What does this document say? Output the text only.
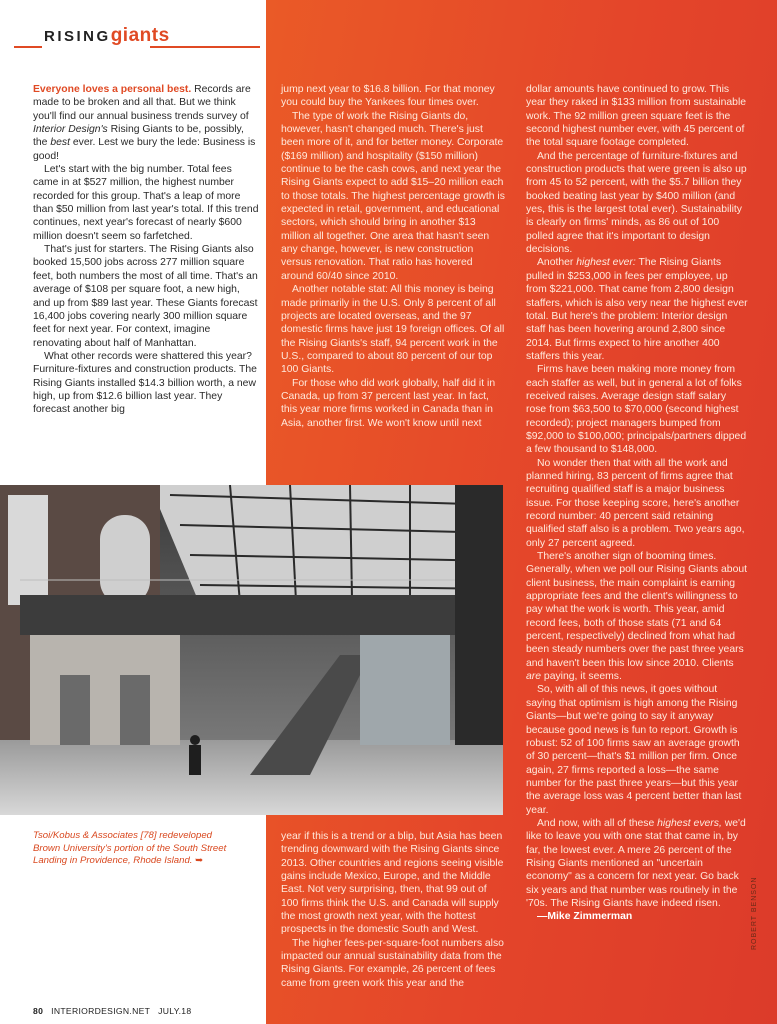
RISINGgiants

Everyone loves a personal best. Records are made to be broken and all that. But we think you'll find our annual business trends survey of Interior Design's Rising Giants to be, possibly, the best ever. Lest we bury the lede: Business is good!

Let's start with the big number. Total fees came in at $527 million, the highest number recorded for this group. That's a leap of more than $50 million from last year's total. If this trend continues, next year's forecast of nearly $600 million doesn't seem so farfetched.

That's just for starters. The Rising Giants also booked 15,500 jobs across 277 million square feet, both numbers the most of all time. That's an average of $108 per square foot, a new high, and up from $89 last year. These Giants forecast 16,400 jobs covering nearly 300 million square feet for next year. For context, imagine renovating about half of Manhattan.

What other records were shattered this year? Furniture-fixtures and construction products. The Rising Giants installed $14.3 billion worth, a new high, up from $12.6 billion last year. They forecast another big

jump next year to $16.8 billion. For that money you could buy the Yankees four times over.

The type of work the Rising Giants do, however, hasn't changed much. There's just been more of it, and for better money. Corporate ($169 million) and hospitality ($150 million) continue to be the cash cows, and next year the Rising Giants expect to add $15–20 million each to those totals. The highest percentage growth is expected in retail, government, and educational sectors, which should bring in another $13 million all together. One area that hasn't seen any change, however, is new construction versus renovation. That ratio has hovered around 60/40 since 2010.

Another notable stat: All this money is being made primarily in the U.S. Only 8 percent of all projects are located overseas, and the 97 domestic firms have just 19 foreign offices. Of all the Rising Giants's staff, 94 percent work in the U.S., compared to about 80 percent of our top 100 Giants.

For those who did work globally, half did it in Canada, up from 37 percent last year. In fact, this year more firms worked in Canada than in Asia, another first. We won't know until next

dollar amounts have continued to grow. This year they raked in $133 million from sustainable work. The 92 million green square feet is the second highest number ever, with 45 percent of the total square footage completed.

And the percentage of furniture-fixtures and construction products that were green is also up from 45 to 52 percent, with the $5.7 billion they booked beating last year by $400 million (and yes, this is the largest total ever). Sustainability is clearly on firms' minds, as 86 out of 100 polled agree that it's important to design decisions.

Another highest ever: The Rising Giants pulled in $253,000 in fees per employee, up from $221,000. That came from 2,800 design staffers, which is also very near the highest ever total. But here's the problem: Interior design staff has been hovering around 2,800 since 2014. But firms expect to hire another 400 staffers this year.

Firms have been making more money from each staffer as well, but in general a lot of folks received raises. Average design staff salary rose from $63,500 to $70,000 (second highest recorded); project managers bumped from $92,000 to $100,000; principals/partners dipped a few thousand to $148,000.

No wonder then that with all the work and planned hiring, 83 percent of firms agree that recruiting qualified staff is a major business issue. For those keeping score, here's another record number: 40 percent said retaining qualified staff also is a problem. Two years ago, only 27 percent agreed.

There's another sign of booming times. Generally, when we poll our Rising Giants about client business, the main complaint is earning appropriate fees and the client's willingness to pay what the work is worth. This year, amid record fees, both of those stats (71 and 64 percent, respectively) declined from what had been steady numbers over the past three years and haven't been this low since 2010. Clients are paying, it seems.

So, with all of this news, it goes without saying that optimism is high among the Rising Giants—but we're going to say it anyway because good news is fun to report. Growth is robust: 52 of 100 firms saw an average growth of 30 percent—that's $1 million per firm. Once again, 27 firms reported a loss—the same number for the past three years—but this year the average loss was 4 percent better than last year.

And now, with all of these highest evers, we'd like to leave you with one stat that came in, by far, the lowest ever. A mere 26 percent of the Rising Giants mentioned an "uncertain economy" as a concern for next year. Go back six years and that number was routinely in the '70s. The Rising Giants have indeed risen.

—Mike Zimmerman

year if this is a trend or a blip, but Asia has been trending downward with the Rising Giants since 2013. Other countries and regions seeing visible gains include Mexico, Europe, and the Middle East. Not very surprising, then, that 99 out of 100 firms think the U.S. and Canada will supply the most growth next year, with the hottest prospects in the domestic South and West.

The higher fees-per-square-foot numbers also impacted our annual sustainability data from the Rising Giants. For example, 26 percent of fees came from green work this year and the

Tsoi/Kobus & Associates [78] redeveloped Brown University's portion of the South Street Landing in Providence, Rhode Island. ➥
80 INTERIORDESIGN.NET JULY.18
ROBERT BENSON
